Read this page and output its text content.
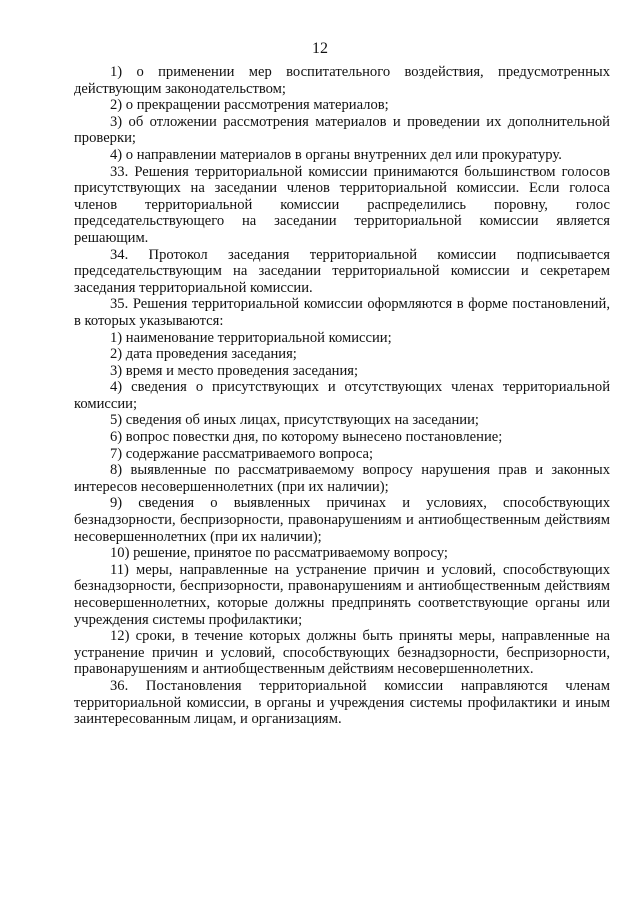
12

1) о применении мер воспитательного воздействия, предусмотренных действующим законодательством;

2) о прекращении рассмотрения материалов;

3) об отложении рассмотрения материалов и проведении их дополнительной проверки;

4) о направлении материалов в органы внутренних дел или прокуратуру.

33. Решения территориальной комиссии принимаются большинством голосов присутствующих на заседании членов территориальной комиссии. Если голоса членов территориальной комиссии распределились поровну, голос председательствующего на заседании территориальной комиссии является решающим.

34. Протокол заседания территориальной комиссии подписывается председательствующим на заседании территориальной комиссии и секретарем заседания территориальной комиссии.

35. Решения территориальной комиссии оформляются в форме постановлений, в которых указываются:

1) наименование территориальной комиссии;

2) дата проведения заседания;

3) время и место проведения заседания;

4) сведения о присутствующих и отсутствующих членах территориальной комиссии;

5) сведения об иных лицах, присутствующих на заседании;

6) вопрос повестки дня, по которому вынесено постановление;

7) содержание рассматриваемого вопроса;

8) выявленные по рассматриваемому вопросу нарушения прав и законных интересов несовершеннолетних (при их наличии);

9) сведения о выявленных причинах и условиях, способствующих безнадзорности, беспризорности, правонарушениям и антиобщественным действиям несовершеннолетних (при их наличии);

10) решение, принятое по рассматриваемому вопросу;

11) меры, направленные на устранение причин и условий, способствующих безнадзорности, беспризорности, правонарушениям и антиобщественным действиям несовершеннолетних, которые должны предпринять соответствующие органы или учреждения системы профилактики;

12) сроки, в течение которых должны быть приняты меры, направленные на устранение причин и условий, способствующих безнадзорности, беспризорности, правонарушениям и антиобщественным действиям несовершеннолетних.

36. Постановления территориальной комиссии направляются членам территориальной комиссии, в органы и учреждения системы профилактики и иным заинтересованным лицам, и организациям.
